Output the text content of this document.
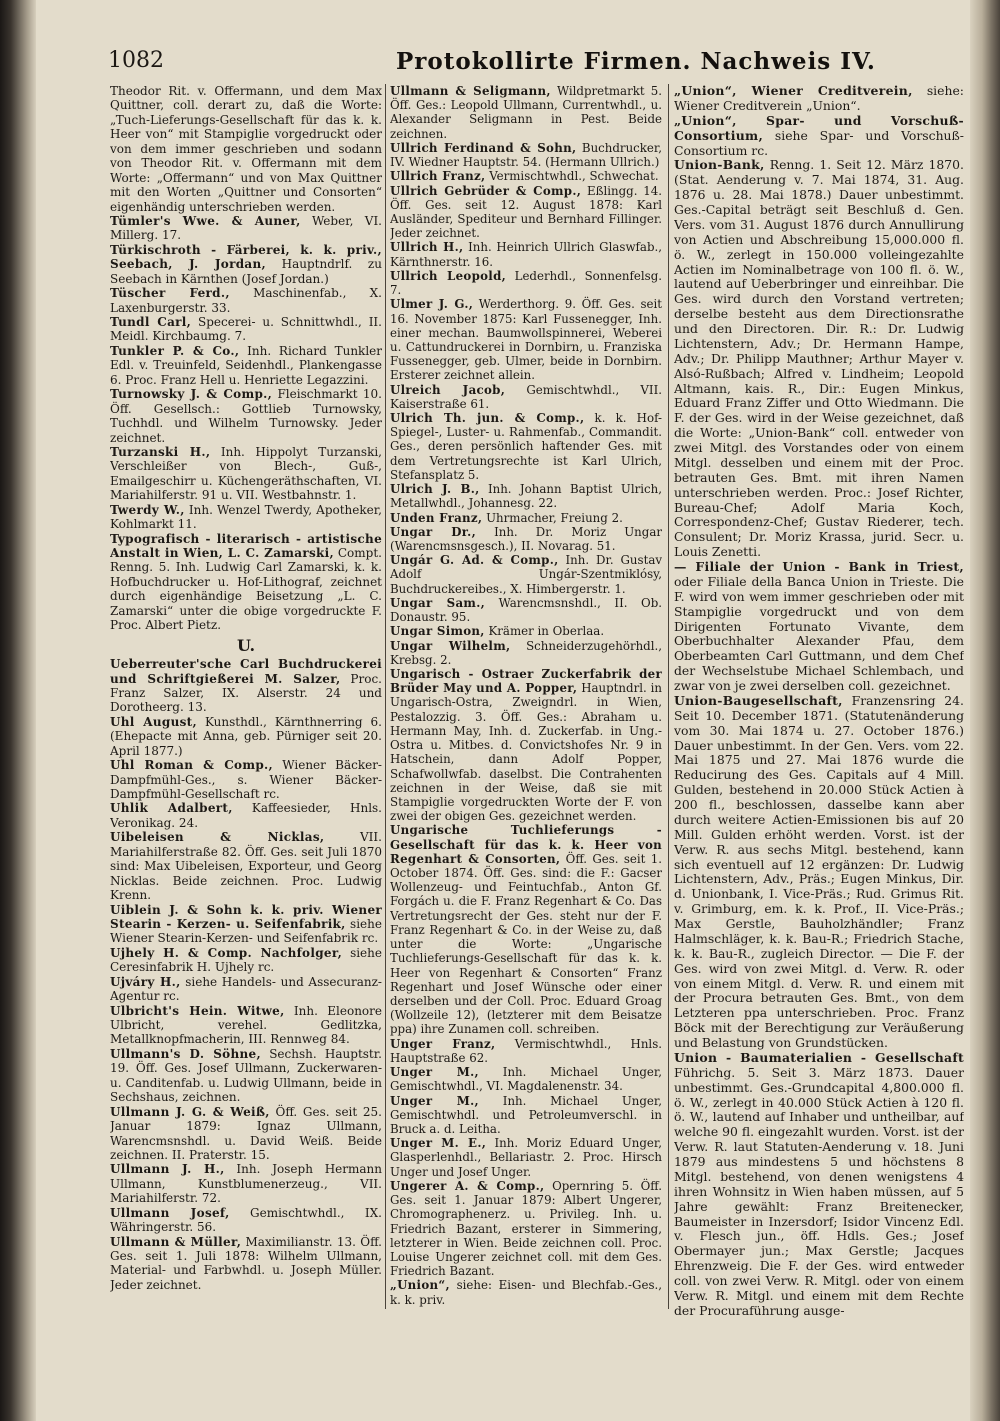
1082	Protokollirte Firmen. Nachweis IV.

Theodor Rit. v. Offermann, und dem Max Quittner, coll. derart zu, daß die Worte: „Tuch-Lieferungs-Gesellschaft für das k. k. Heer von“ mit Stampiglie vorgedruckt oder von dem immer geschrieben und sodann von Theodor Rit. v. Offermann mit dem Worte: „Offermann“ und von Max Quittner mit den Worten „Quittner und Consorten“ eigenhändig unterschrieben werden.

Tümler's Wwe. & Auner, Weber, VI. Millerg. 17.

Türkischroth - Färberei, k. k. priv., Seebach, J. Jordan, Hauptndrlf. zu Seebach in Kärnthen (Josef Jordan.)

Tüscher Ferd., Maschinenfab., X. Laxenburgerstr. 33.

Tundl Carl, Specerei- u. Schnittwhdl., II. Meidl. Kirchbaumg. 7.

Tunkler P. & Co., Inh. Richard Tunkler Edl. v. Treuinfeld, Seidenhdl., Plankengasse 6. Proc. Franz Hell u. Henriette Legazzini.

Turnowsky J. & Comp., Fleischmarkt 10. Öff. Gesellsch.: Gottlieb Turnowsky, Tuchhdl. und Wilhelm Turnowsky. Jeder zeichnet.

Turzanski H., Inh. Hippolyt Turzanski, Verschleißer von Blech-, Guß-, Emailgeschirr u. Küchengeräthschaften, VI. Mariahilferstr. 91 u. VII. Westbahnstr. 1.

Twerdy W., Inh. Wenzel Twerdy, Apotheker, Kohlmarkt 11.

Typografisch - literarisch - artistische Anstalt in Wien, L. C. Zamarski, Compt. Renng. 5. Inh. Ludwig Carl Zamarski, k. k. Hofbuchdrucker u. Hof-Lithograf, zeichnet durch eigenhändige Beisetzung „L. C. Zamarski“ unter die obige vorgedruckte F. Proc. Albert Pietz.

U.

Ueberreuter'sche Carl Buchdruckerei und Schriftgießerei M. Salzer, Proc. Franz Salzer, IX. Alserstr. 24 und Dorotheerg. 13.

Uhl August, Kunsthdl., Kärnthnerring 6. (Ehepacte mit Anna, geb. Pürniger seit 20. April 1877.)

Uhl Roman & Comp., Wiener Bäcker-Dampfmühl-Ges., s. Wiener Bäcker-Dampfmühl-Gesellschaft rc.

Uhlik Adalbert, Kaffeesieder, Hnls. Veronikag. 24.

Uibeleisen & Nicklas,	VII. Mariahilferstraße 82. Öff. Ges. seit Juli 1870 sind: Max Uibeleisen, Exporteur, und Georg Nicklas. Beide zeichnen. Proc. Ludwig Krenn.

Uiblein J. & Sohn k. k. priv. Wiener Stearin - Kerzen- u. Seifenfabrik, siehe Wiener Stearin-Kerzen- und Seifenfabrik rc.

Ujhely H. & Comp. Nachfolger, siehe Ceresinfabrik H. Ujhely rc.

Ujváry H., siehe Handels- und Assecuranz-Agentur rc.

Ulbricht's Hein. Witwe, Inh. Eleonore Ulbricht, verehel. Gedlitzka, Metallknopfmacherin, III. Rennweg 84.

Ullmann's D. Söhne, Sechsh. Hauptstr. 19. Öff. Ges. Josef Ullmann, Zuckerwaren- u. Canditenfab. u. Ludwig Ullmann, beide in Sechshaus, zeichnen.

Ullmann J. G. & Weiß, Öff. Ges. seit 25. Januar 1879: Ignaz Ullmann, Warencmsnshdl. u. David Weiß. Beide zeichnen. II. Praterstr. 15.

Ullmann J. H., Inh. Joseph Hermann Ullmann, Kunstblumenerzeug., VII. Mariahilferstr. 72.

Ullmann Josef, Gemischtwhdl., IX. Währingerstr. 56.

Ullmann & Müller, Maximilianstr. 13. Öff. Ges. seit 1. Juli 1878: Wilhelm Ullmann, Material- und Farbwhdl. u. Joseph Müller. Jeder zeichnet.

Ullmann & Seligmann, Wildpretmarkt 5. Öff. Ges.: Leopold Ullmann, Currentwhdl., u. Alexander Seligmann in Pest. Beide zeichnen.

Ullrich Ferdinand & Sohn, Buchdrucker, IV. Wiedner Hauptstr. 54. (Hermann Ullrich.)

Ullrich Franz, Vermischtwhdl., Schwechat.

Ullrich Gebrüder & Comp., Eßlingg. 14. Öff. Ges. seit 12. August 1878: Karl Ausländer, Spediteur und Bernhard Fillinger. Jeder zeichnet.

Ullrich H., Inh. Heinrich Ullrich Glaswfab., Kärnthnerstr. 16.

Ullrich Leopold, Lederhdl., Sonnenfelsg. 7.

Ulmer J. G., Werderthorg. 9. Öff. Ges. seit 16. November 1875: Karl Fussenegger, Inh. einer mechan. Baumwollspinnerei, Weberei u. Cattundruckerei in Dornbirn, u. Franziska Fussenegger, geb. Ulmer, beide in Dornbirn. Ersterer zeichnet allein.

Ulreich Jacob, Gemischtwhdl., VII. Kaiserstraße 61.

Ulrich Th. jun. & Comp., k. k. Hof-Spiegel-, Luster- u. Rahmenfab., Commandit. Ges., deren persönlich haftender Ges. mit dem Vertretungsrechte ist Karl Ulrich, Stefansplatz 5.

Ulrich J. B., Inh. Johann Baptist Ulrich, Metallwhdl., Johannesg. 22.

Unden Franz, Uhrmacher, Freiung 2.

Ungar Dr., Inh. Dr. Moriz Ungar (Warencmsnsgesch.), II. Novarag. 51.

Ungár G. Ad. & Comp., Inh. Dr. Gustav Adolf Ungár-Szentmiklósy, Buchdruckereibes., X. Himbergerstr. 1.

Ungar Sam., Warencmsnshdl., II. Ob. Donaustr. 95.

Ungar Simon, Krämer in Oberlaa.

Ungar Wilhelm, Schneiderzugehörhdl., Krebsg. 2.

Ungarisch - Ostraer Zuckerfabrik der Brüder May und A. Popper, Hauptndrl. in Ungarisch-Ostra, Zweigndrl. in Wien, Pestalozzig. 3. Öff. Ges.: Abraham u. Hermann May, Inh. d. Zuckerfab. in Ung.-Ostra u. Mitbes. d. Convictshofes Nr. 9 in Hatschein, dann Adolf Popper, Schafwollwfab. daselbst. Die Contrahenten zeichnen in der Weise, daß sie mit Stampiglie vorgedruckten Worte der F. von zwei der obigen Ges. gezeichnet werden.

Ungarische Tuchlieferungs - Gesellschaft für das k. k. Heer von Regenhart & Consorten, Öff. Ges. seit 1. October 1874. Öff. Ges. sind: die F.: Gacser Wollenzeug- und Feintuchfab., Anton Gf. Forgách u. die F. Franz Regenhart & Co. Das Vertretungsrecht der Ges. steht nur der F. Franz Regenhart & Co. in der Weise zu, daß unter die Worte: „Ungarische Tuchlieferungs-Gesellschaft für das k. k. Heer von Regenhart & Consorten“ Franz Regenhart und Josef Wünsche oder einer derselben und der Coll. Proc. Eduard Groag (Wollzeile 12), (letzterer mit dem Beisatze ppa) ihre Zunamen coll. schreiben.

Unger Franz, Vermischtwhdl., Hnls. Hauptstraße 62.

Unger M., Inh. Michael Unger, Gemischtwhdl., VI. Magdalenenstr. 34.

Unger M., Inh. Michael Unger, Gemischtwhdl. und Petroleumverschl. in Bruck a. d. Leitha.

Unger M. E., Inh. Moriz Eduard Unger, Glasperlenhdl., Bellariastr. 2. Proc. Hirsch Unger und Josef Unger.

Ungerer A. & Comp., Opernring 5. Öff. Ges. seit 1. Januar 1879: Albert Ungerer, Chromographenerz. u. Privileg. Inh. u. Friedrich Bazant, ersterer in Simmering, letzterer in Wien. Beide zeichnen coll. Proc. Louise Ungerer zeichnet coll. mit dem Ges. Friedrich Bazant.

„Union“, siehe: Eisen- und Blechfab.-Ges., k. k. priv.

„Union“, Wiener Creditverein, siehe: Wiener Creditverein „Union“.

„Union“, Spar- und Vorschuß-Consortium, siehe Spar- und Vorschuß-Consortium rc.

Union-Bank, Renng. 1. Seit 12. März 1870. (Stat. Aenderung v. 7. Mai 1874, 31. Aug. 1876 u. 28. Mai 1878.) Dauer unbestimmt. Ges.-Capital beträgt seit Beschluß d. Gen. Vers. vom 31. August 1876 durch Annullirung von Actien und Abschreibung 15,000.000 fl. ö. W., zerlegt in 150.000 volleingezahlte Actien im Nominalbetrage von 100 fl. ö. W., lautend auf Ueberbringer und einreihbar. Die Ges. wird durch den Vorstand vertreten; derselbe besteht aus dem Directionsrathe und den Directoren. Dir. R.: Dr. Ludwig Lichtenstern, Adv.; Dr. Hermann Hampe, Adv.; Dr. Philipp Mauthner; Arthur Mayer v. Alsó-Rußbach; Alfred v. Lindheim; Leopold Altmann, kais. R., Dir.: Eugen Minkus, Eduard Franz Ziffer und Otto Wiedmann. Die F. der Ges. wird in der Weise gezeichnet, daß die Worte: „Union-Bank“ coll. entweder von zwei Mitgl. des Vorstandes oder von einem Mitgl. desselben und einem mit der Proc. betrauten Ges. Bmt. mit ihren Namen unterschrieben werden. Proc.: Josef Richter, Bureau-Chef; Adolf Maria Koch, Correspondenz-Chef; Gustav Riederer, tech. Consulent; Dr. Moriz Krassa, jurid. Secr. u. Louis Zenetti.

— Filiale der Union - Bank in Triest, oder Filiale della Banca Union in Trieste. Die F. wird von wem immer geschrieben oder mit Stampiglie vorgedruckt und von dem Dirigenten Fortunato Vivante, dem Oberbuchhalter Alexander Pfau, dem Oberbeamten Carl Guttmann, und dem Chef der Wechselstube Michael Schlembach, und zwar von je zwei derselben coll. gezeichnet.

Union-Baugesellschaft, Franzensring 24. Seit 10. December 1871. (Statutenänderung vom 30. Mai 1874 u. 27. October 1876.) Dauer unbestimmt. In der Gen. Vers. vom 22. Mai 1875 und 27. Mai 1876 wurde die Reducirung des Ges. Capitals auf 4 Mill. Gulden, bestehend in 20.000 Stück Actien à 200 fl., beschlossen, dasselbe kann aber durch weitere Actien-Emissionen bis auf 20 Mill. Gulden erhöht werden. Vorst. ist der Verw. R. aus sechs Mitgl. bestehend, kann sich eventuell auf 12 ergänzen: Dr. Ludwig Lichtenstern, Adv., Präs.; Eugen Minkus, Dir. d. Unionbank, I. Vice-Präs.; Rud. Grimus Rit. v. Grimburg, em. k. k. Prof., II. Vice-Präs.; Max Gerstle, Bauholzhändler; Franz Halmschläger, k. k. Bau-R.; Friedrich Stache, k. k. Bau-R., zugleich Director. — Die F. der Ges. wird von zwei Mitgl. d. Verw. R. oder von einem Mitgl. d. Verw. R. und einem mit der Procura betrauten Ges. Bmt., von dem Letzteren ppa unterschrieben. Proc. Franz Böck mit der Berechtigung zur Veräußerung und Belastung von Grundstücken.

Union - Baumaterialien - Gesellschaft Führichg. 5. Seit 3. März 1873. Dauer unbestimmt. Ges.-Grundcapital 4,800.000 fl. ö. W., zerlegt in 40.000 Stück Actien à 120 fl. ö. W., lautend auf Inhaber und untheilbar, auf welche 90 fl. eingezahlt wurden. Vorst. ist der Verw. R. laut Statuten-Aenderung v. 18. Juni 1879 aus mindestens 5 und höchstens 8 Mitgl. bestehend, von denen wenigstens 4 ihren Wohnsitz in Wien haben müssen, auf 5 Jahre gewählt: Franz Breitenecker, Baumeister in Inzersdorf; Isidor Vincenz Edl. v. Flesch jun., öff. Hdls. Ges.; Josef Obermayer jun.; Max Gerstle; Jacques Ehrenzweig. Die F. der Ges. wird entweder coll. von zwei Verw. R. Mitgl. oder von einem Verw. R. Mitgl. und einem mit dem Rechte der Procuraführung ausge-
